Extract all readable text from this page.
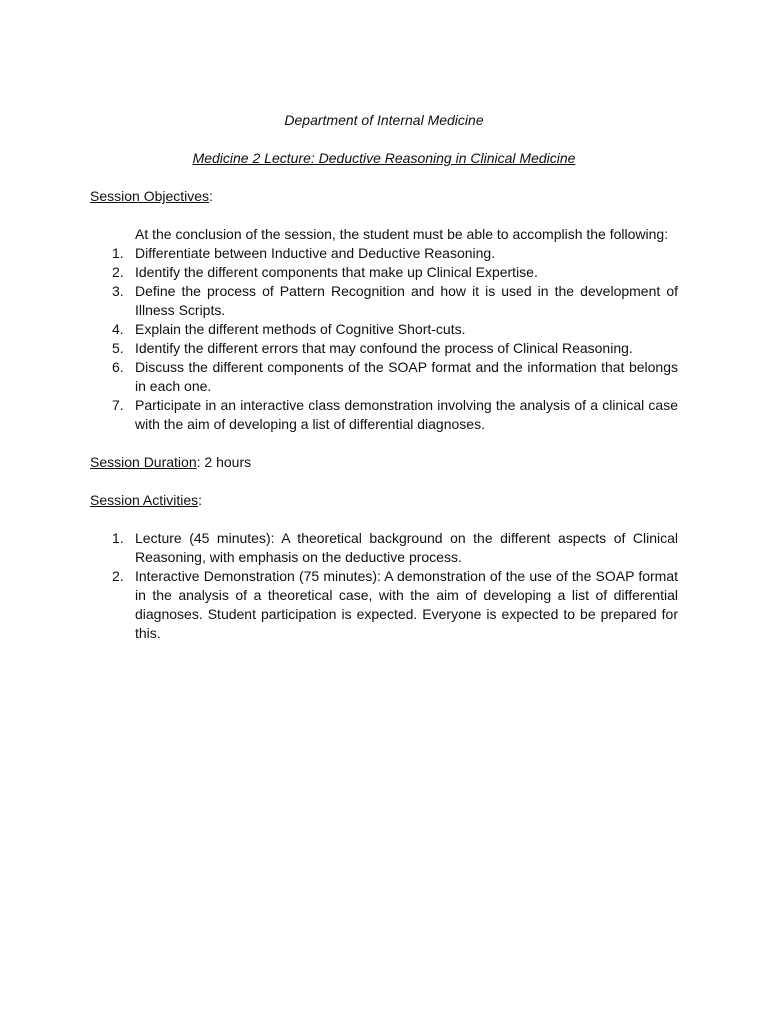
Department of Internal Medicine

Medicine 2 Lecture: Deductive Reasoning in Clinical Medicine

Session Objectives:

At the conclusion of the session, the student must be able to accomplish the following:

1. Differentiate between Inductive and Deductive Reasoning.
2. Identify the different components that make up Clinical Expertise.
3. Define the process of Pattern Recognition and how it is used in the development of Illness Scripts.
4. Explain the different methods of Cognitive Short-cuts.
5. Identify the different errors that may confound the process of Clinical Reasoning.
6. Discuss the different components of the SOAP format and the information that belongs in each one.
7. Participate in an interactive class demonstration involving the analysis of a clinical case with the aim of developing a list of differential diagnoses.

Session Duration: 2 hours

Session Activities:

1. Lecture (45 minutes): A theoretical background on the different aspects of Clinical Reasoning, with emphasis on the deductive process.
2. Interactive Demonstration (75 minutes): A demonstration of the use of the SOAP format in the analysis of a theoretical case, with the aim of developing a list of differential diagnoses. Student participation is expected. Everyone is expected to be prepared for this.
